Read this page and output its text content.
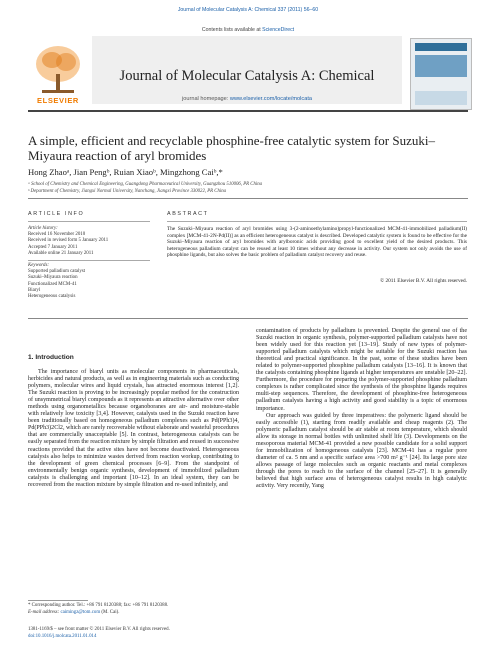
Journal of Molecular Catalysis A: Chemical 337 (2011) 56–60
Contents lists available at ScienceDirect
ELSEVIER
Journal of Molecular Catalysis A: Chemical
journal homepage: www.elsevier.com/locate/molcata
A simple, efficient and recyclable phosphine-free catalytic system for Suzuki–Miyaura reaction of aryl bromides
Hong Zhaoᵃ, Jian Pengᵇ, Ruian Xiaoᵇ, Mingzhong Caiᵇ,*
ᵃ School of Chemistry and Chemical Engineering, Guangdong Pharmaceutical University, Guangzhou 510006, PR China
ᵇ Department of Chemistry, Jiangxi Normal University, Nanchang, Jiangxi Province 330022, PR China
ARTICLE INFO
Article history:
Received 16 November 2010
Received in revised form 5 January 2011
Accepted 7 January 2011
Available online 21 January 2011
Keywords:
Supported palladium catalyst
Suzuki–Miyaura reaction
Functionalized MCM-41
Biaryl
Heterogeneous catalysis
ABSTRACT
The Suzuki–Miyaura reaction of aryl bromides using 3-(2-aminoethylamino)propyl-functionalized MCM-41-immobilized palladium(II) complex [MCM-41-2N-Pd(II)] as an efficient heterogeneous catalyst is described. Developed catalytic system is found to be effective for the Suzuki–Miyaura reaction of aryl bromides with arylboronic acids providing good to excellent yield of the desired products. This heterogeneous palladium catalyst can be reused at least 10 times without any decrease in activity. Our system not only avoids the use of phosphine ligands, but also solves the basic problem of palladium catalyst recovery and reuse.
© 2011 Elsevier B.V. All rights reserved.
1. Introduction

The importance of biaryl units as molecular components in pharmaceuticals, herbicides and natural products, as well as in engineering materials such as conducting polymers, molecular wires and liquid crystals, has attracted enormous interest [1,2]. The Suzuki reaction is proving to be increasingly popular method for the construction of unsymmetrical biaryl compounds as it represents an attractive alternative over other methods using organometallics because organoboranes are air- and moisture-stable with relatively low toxicity [3,4]. However, catalysts used in the Suzuki reaction have been traditionally based on homogeneous palladium complexes such as Pd(PPh3)4, Pd(PPh3)2Cl2, which are rarely recoverable without elaborate and wasteful procedures that are commercially unacceptable [5]. In contrast, heterogeneous catalysts can be easily separated from the reaction mixture by simple filtration and reused in successive reactions provided that the active sites have not become deactivated. Heterogeneous catalysis also helps to minimize wastes derived from reaction workup, contributing to the development of green chemical processes [6–9]. From the standpoint of environmentally benign organic synthesis, development of immobilized palladium catalysts is challenging and important [10–12]. In an ideal system, they can be recovered from the reaction mixture by simple filtration and re-used infinitely, and

contamination of products by palladium is prevented. Despite the general use of the Suzuki reaction in organic synthesis, polymer-supported palladium catalysts have not been widely used for this reaction yet [13–19]. Study of new types of polymer-supported palladium catalysts which might be suitable for the Suzuki reaction has theoretical and practical significance. In the past, some of these studies have been related to polymer-supported phosphine palladium catalysts [13–16]. It is known that the catalysts containing phosphine ligands at higher temperatures are unstable [20–22]. Furthermore, the procedure for preparing the polymer-supported phosphine palladium complexes is rather complicated since the synthesis of the phosphine ligands requires multi-step sequences. Therefore, the development of phosphine-free heterogeneous palladium catalysts having a high activity and good stability is a topic of enormous importance.

Our approach was guided by three imperatives: the polymeric ligand should be easily accessible (1), starting from readily available and cheap reagents (2). The polymeric palladium catalyst should be air stable at room temperature, which should allow its storage in normal bottles with unlimited shelf life (3). Developments on the mesoporous material MCM-41 provided a new possible candidate for a solid support for immobilization of homogeneous catalysts [23]. MCM-41 has a regular pore diameter of ca. 5 nm and a specific surface area >700 m² g⁻¹ [24]. Its large pore size allows passage of large molecules such as organic reactants and metal complexes through the pores to reach to the surface of the channel [25–27]. It is generally believed that high surface area of heterogeneous catalyst results in high catalytic activity. Very recently, Yang

* Corresponding author. Tel.: +86 791 8120388; fax: +86 791 8120388.
E-mail address: caimingz@tom.com (M. Cai).
1381-1169/$ – see front matter © 2011 Elsevier B.V. All rights reserved.
doi:10.1016/j.molcata.2011.01.014
